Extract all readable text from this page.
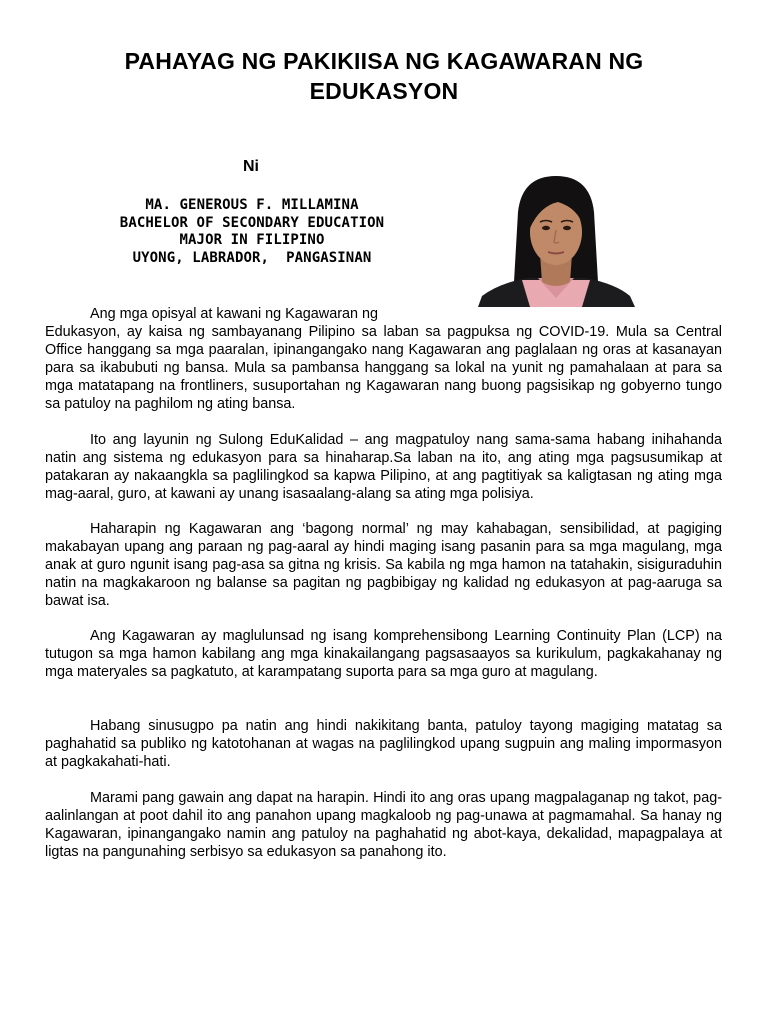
PAHAYAG NG PAKIKIISA NG KAGAWARAN NG EDUKASYON
Ni
MA. GENEROUS F. MILLAMINA
BACHELOR OF SECONDARY EDUCATION
MAJOR IN FILIPINO
UYONG, LABRADOR,  PANGASINAN

Ang mga opisyal at kawani ng Kagawaran ng

Edukasyon, ay kaisa ng sambayanang Pilipino sa laban sa pagpuksa ng COVID-19. Mula sa Central Office hanggang sa mga paaralan, ipinangangako nang Kagawaran ang paglalaan ng oras at kasanayan para sa ikabubuti ng bansa. Mula sa pambansa hanggang sa lokal na yunit ng pamahalaan at para sa mga matatapang na frontliners, susuportahan ng Kagawaran nang buong pagsisikap ng gobyerno tungo sa patuloy na paghilom ng ating bansa.

Ito ang layunin ng Sulong EduKalidad – ang magpatuloy nang sama-sama habang inihahanda natin ang sistema ng edukasyon para sa hinaharap.Sa laban na ito, ang ating mga pagsusumikap at patakaran ay nakaangkla sa paglilingkod sa kapwa Pilipino, at ang pagtitiyak sa kaligtasan ng ating mga mag-aaral, guro, at kawani ay unang isasaalang-alang sa ating mga polisiya.

Haharapin ng Kagawaran ang ‘bagong normal’ ng may kahabagan, sensibilidad, at pagiging makabayan upang ang paraan ng pag-aaral ay hindi maging isang pasanin para sa mga magulang, mga anak at guro ngunit isang pag-asa sa gitna ng krisis. Sa kabila ng mga hamon na tatahakin, sisiguraduhin natin na magkakaroon ng balanse sa pagitan ng pagbibigay ng kalidad ng edukasyon at pag-aaruga sa bawat isa.

Ang Kagawaran ay maglulunsad ng isang komprehensibong Learning Continuity Plan (LCP) na tutugon sa mga hamon kabilang ang mga kinakailangang pagsasaayos sa kurikulum, pagkakahanay ng mga materyales sa pagkatuto, at karampatang suporta para sa mga guro at magulang.

Habang sinusugpo pa natin ang hindi nakikitang banta, patuloy tayong magiging matatag sa paghahatid sa publiko ng katotohanan at wagas na paglilingkod upang sugpuin ang maling impormasyon at pagkakahati-hati.

Marami pang gawain ang dapat na harapin. Hindi ito ang oras upang magpalaganap ng takot, pag-aalinlangan at poot dahil ito ang panahon upang magkaloob ng pag-unawa at pagmamahal. Sa hanay ng Kagawaran, ipinangangako namin ang patuloy na paghahatid ng abot-kaya, dekalidad, mapagpalaya at ligtas na pangunahing serbisyo sa edukasyon sa panahong ito.
